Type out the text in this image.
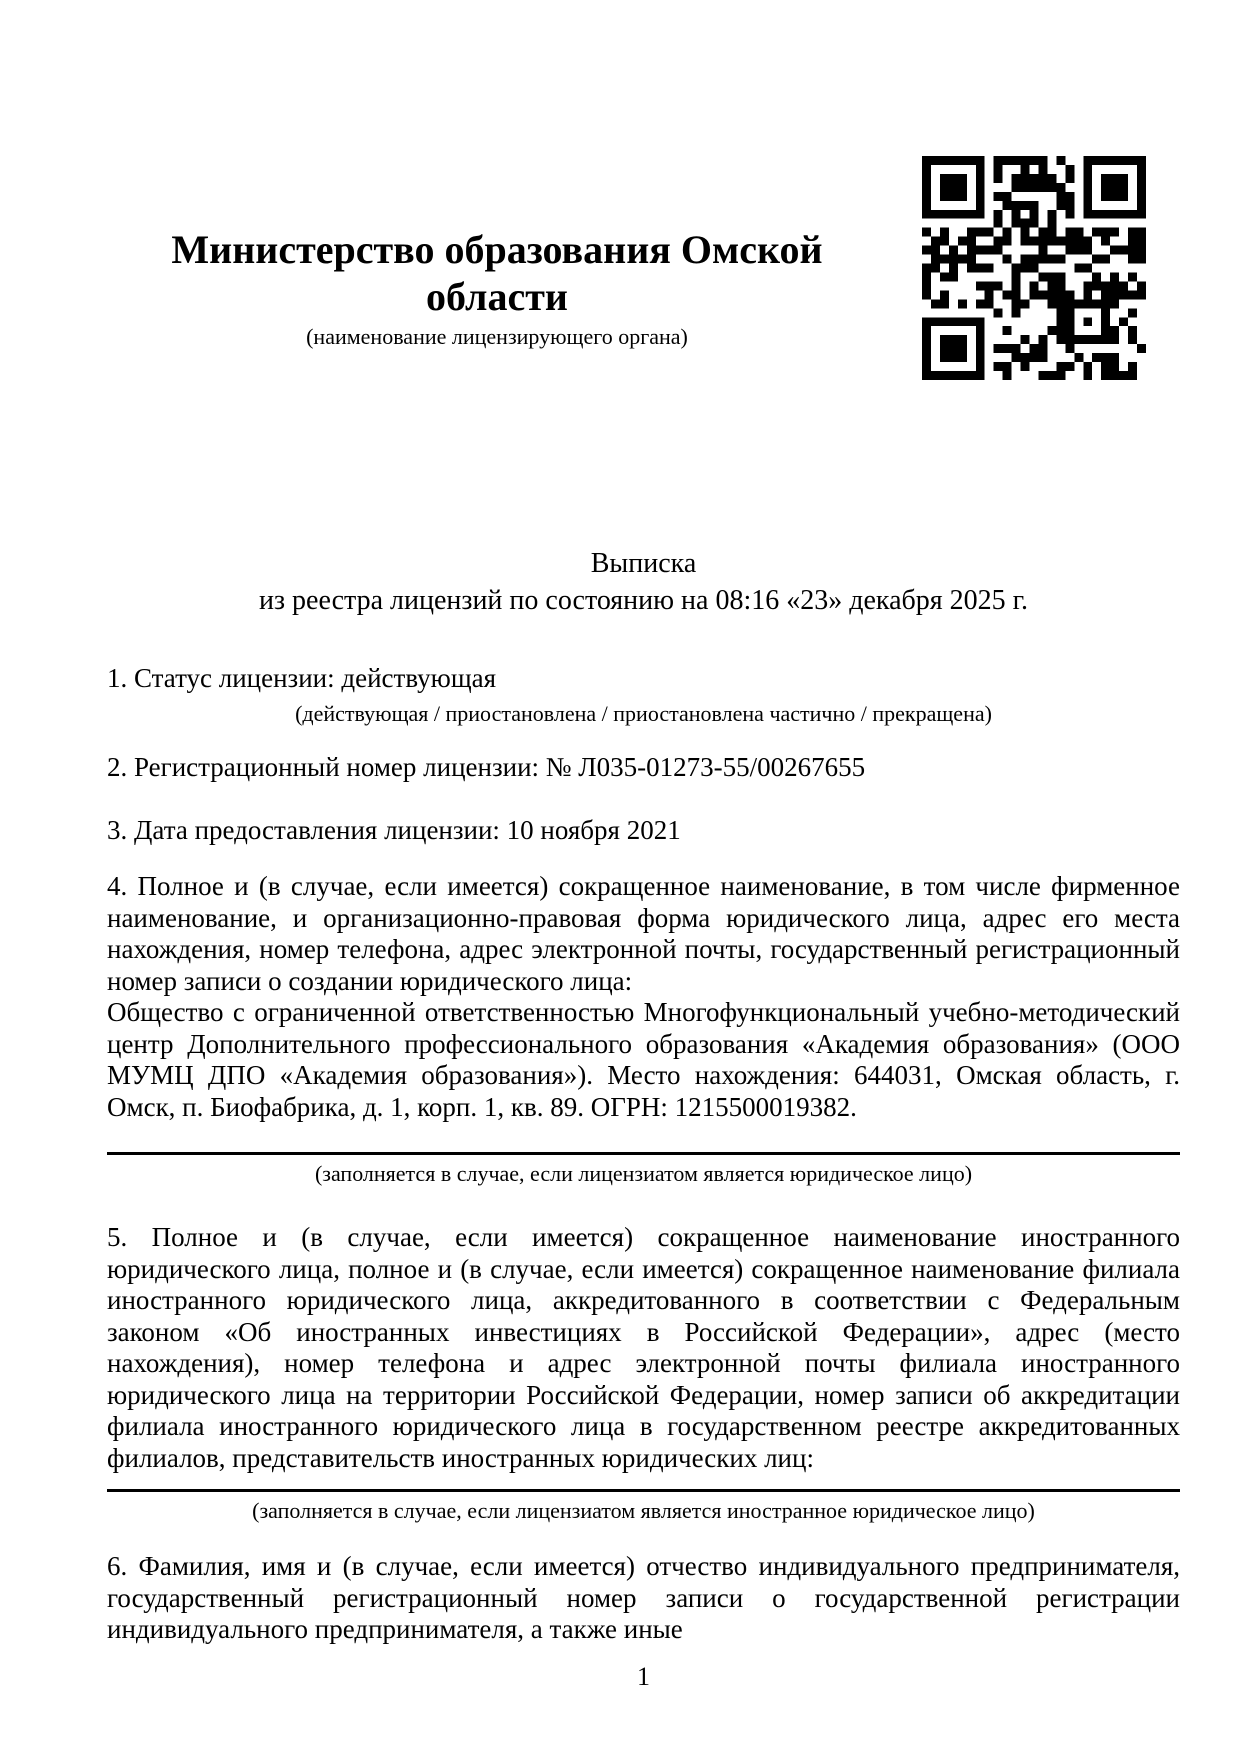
Министерство образования Омской области
(наименование лицензирующего органа)
Выписка
из реестра лицензий по состоянию на 08:16 «23» декабря 2025 г.
1. Статус лицензии: действующая
(действующая / приостановлена / приостановлена частично / прекращена)
2. Регистрационный номер лицензии: № Л035-01273-55/00267655
3. Дата предоставления лицензии: 10 ноября 2021
4. Полное и (в случае, если имеется) сокращенное наименование, в том числе фирменное наименование, и организационно-правовая форма юридического лица, адрес его места нахождения, номер телефона, адрес электронной почты, государственный регистрационный номер записи о создании юридического лица:
Общество с ограниченной ответственностью Многофункциональный учебно-методический центр Дополнительного профессионального образования «Академия образования» (ООО МУМЦ ДПО «Академия образования»). Место нахождения: 644031, Омская область, г. Омск, п. Биофабрика, д. 1, корп. 1, кв. 89. ОГРН: 1215500019382.
(заполняется в случае, если лицензиатом является юридическое лицо)
5. Полное и (в случае, если имеется) сокращенное наименование иностранного юридического лица, полное и (в случае, если имеется) сокращенное наименование филиала иностранного юридического лица, аккредитованного в соответствии с Федеральным законом «Об иностранных инвестициях в Российской Федерации», адрес (место нахождения), номер телефона и адрес электронной почты филиала иностранного юридического лица на территории Российской Федерации, номер записи об аккредитации филиала иностранного юридического лица в государственном реестре аккредитованных филиалов, представительств иностранных юридических лиц:
(заполняется в случае, если лицензиатом является иностранное юридическое лицо)
6. Фамилия, имя и (в случае, если имеется) отчество индивидуального предпринимателя, государственный регистрационный номер записи о государственной регистрации индивидуального предпринимателя, а также иные
1
